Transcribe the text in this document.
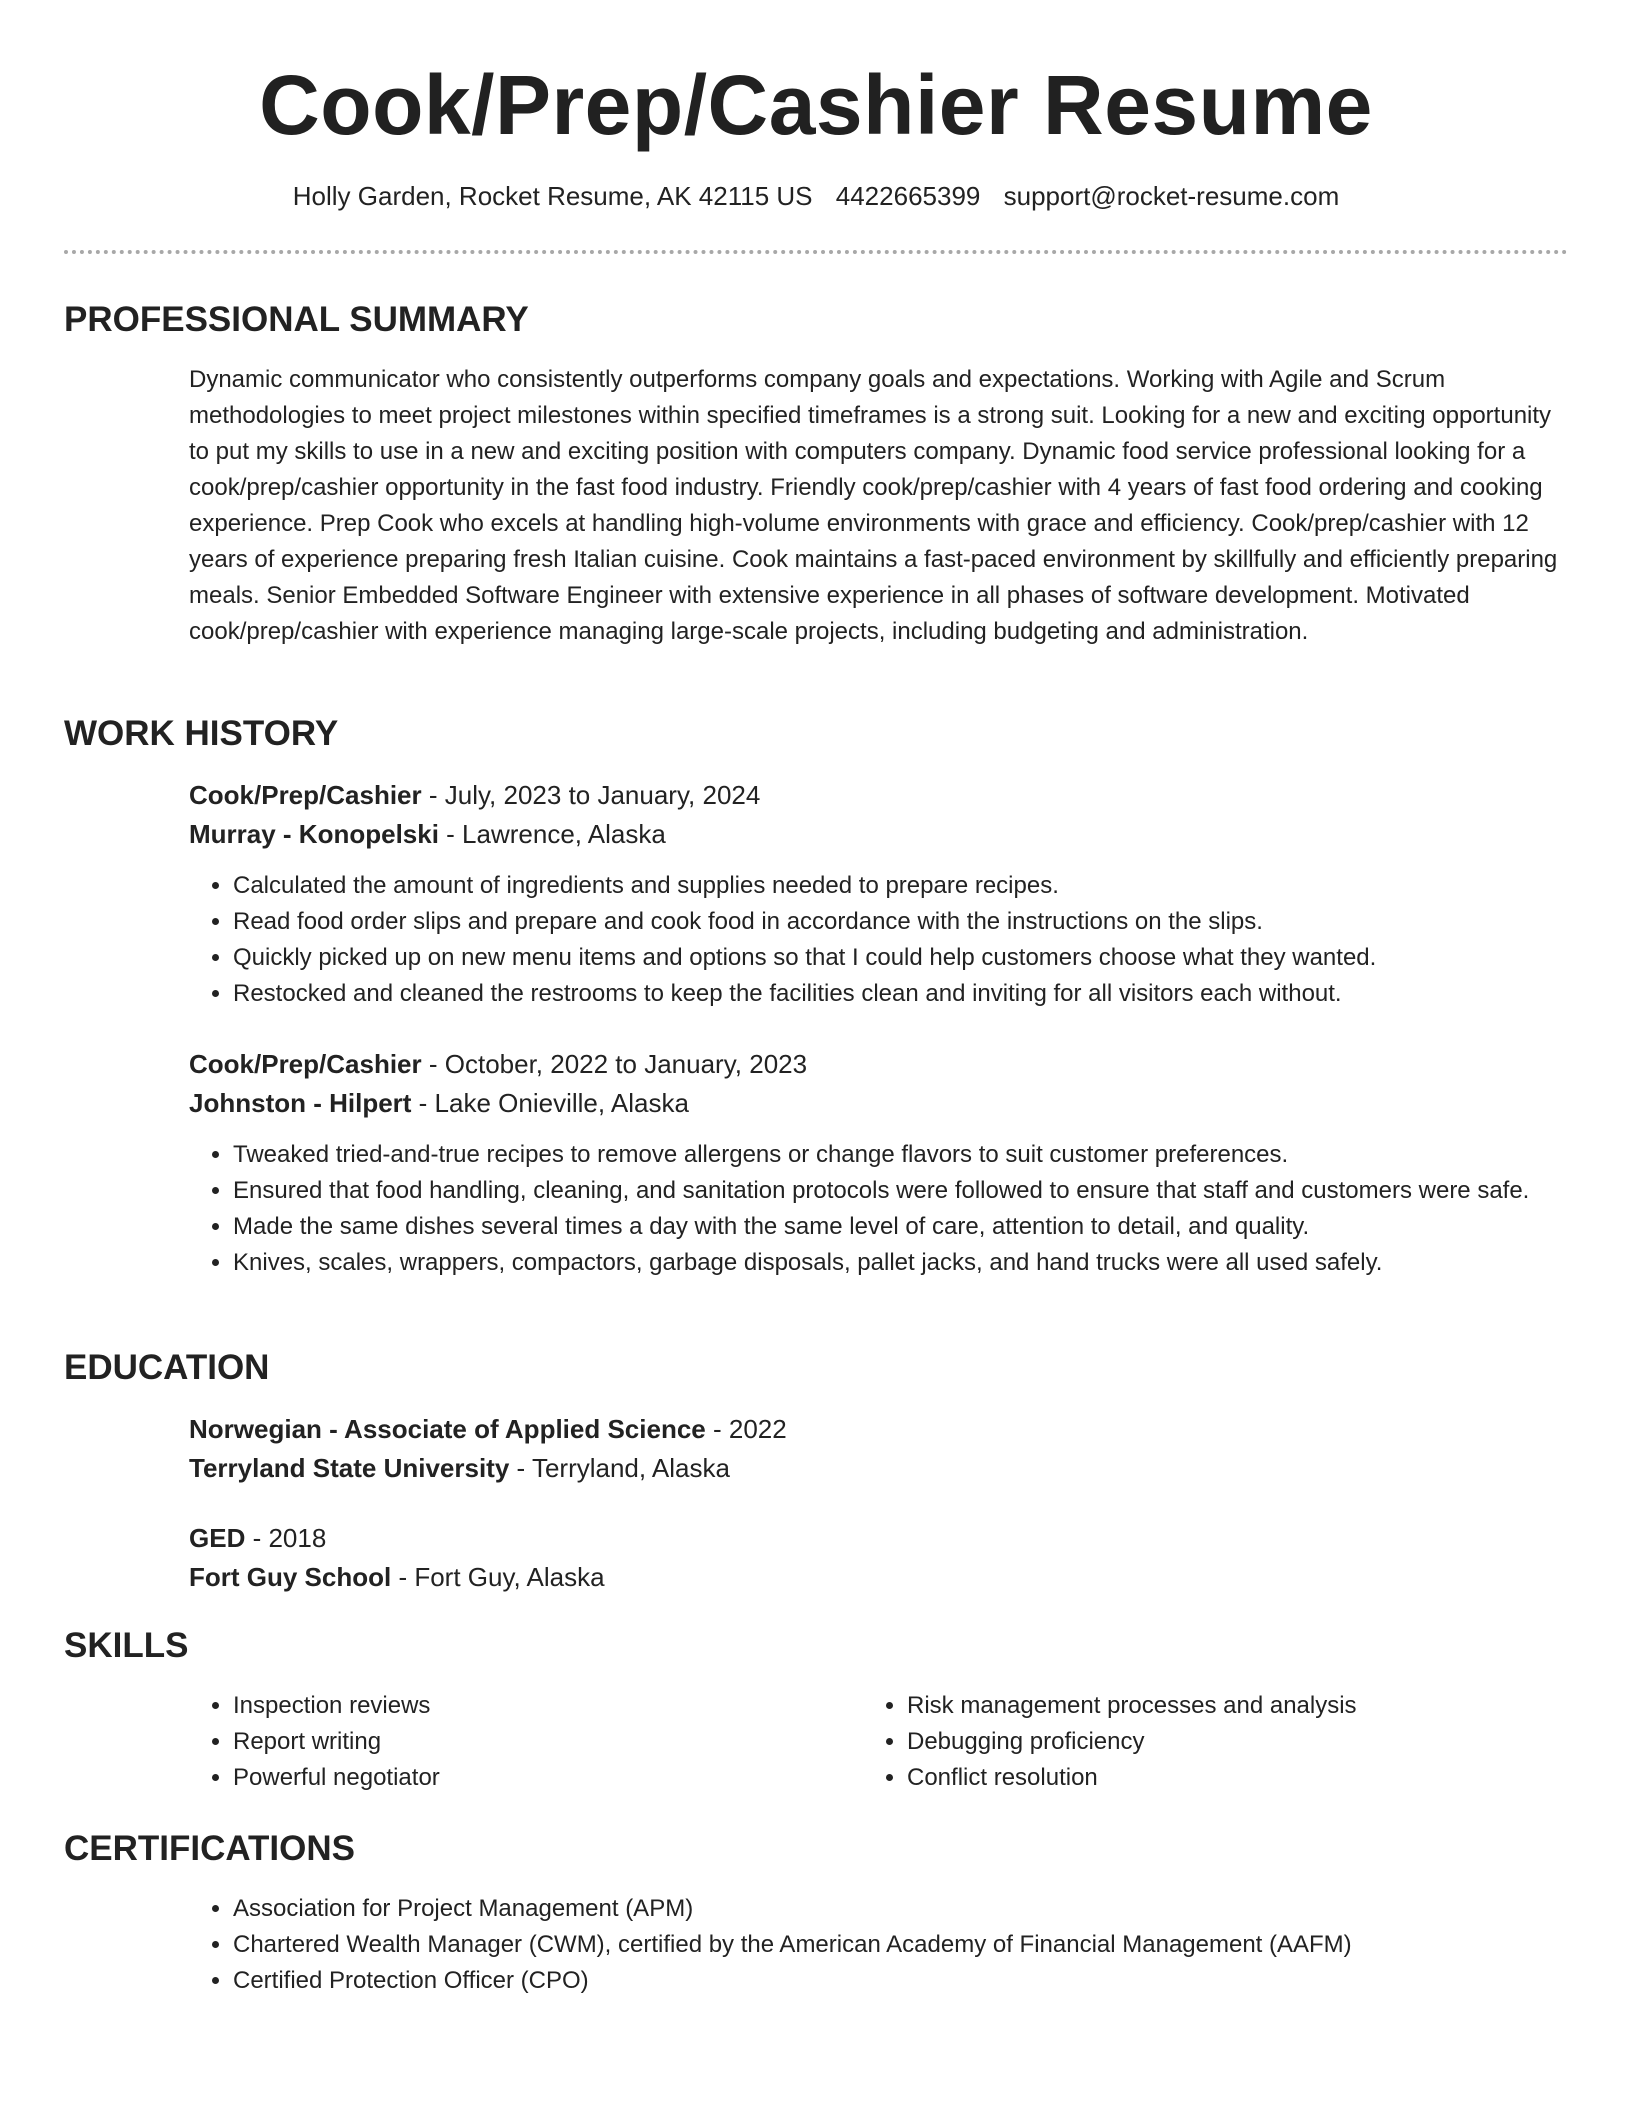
Cook/Prep/Cashier Resume
Holly Garden, Rocket Resume, AK 42115 US 4422665399 support@rocket-resume.com
PROFESSIONAL SUMMARY
Dynamic communicator who consistently outperforms company goals and expectations. Working with Agile and Scrum methodologies to meet project milestones within specified timeframes is a strong suit. Looking for a new and exciting opportunity to put my skills to use in a new and exciting position with computers company. Dynamic food service professional looking for a cook/prep/cashier opportunity in the fast food industry. Friendly cook/prep/cashier with 4 years of fast food ordering and cooking experience. Prep Cook who excels at handling high-volume environments with grace and efficiency. Cook/prep/cashier with 12 years of experience preparing fresh Italian cuisine. Cook maintains a fast-paced environment by skillfully and efficiently preparing meals. Senior Embedded Software Engineer with extensive experience in all phases of software development. Motivated cook/prep/cashier with experience managing large-scale projects, including budgeting and administration.
WORK HISTORY
Cook/Prep/Cashier - July, 2023 to January, 2024
Murray - Konopelski - Lawrence, Alaska
• Calculated the amount of ingredients and supplies needed to prepare recipes.
• Read food order slips and prepare and cook food in accordance with the instructions on the slips.
• Quickly picked up on new menu items and options so that I could help customers choose what they wanted.
• Restocked and cleaned the restrooms to keep the facilities clean and inviting for all visitors each without.
Cook/Prep/Cashier - October, 2022 to January, 2023
Johnston - Hilpert - Lake Onieville, Alaska
• Tweaked tried-and-true recipes to remove allergens or change flavors to suit customer preferences.
• Ensured that food handling, cleaning, and sanitation protocols were followed to ensure that staff and customers were safe.
• Made the same dishes several times a day with the same level of care, attention to detail, and quality.
• Knives, scales, wrappers, compactors, garbage disposals, pallet jacks, and hand trucks were all used safely.
EDUCATION
Norwegian - Associate of Applied Science - 2022
Terryland State University - Terryland, Alaska
GED - 2018
Fort Guy School - Fort Guy, Alaska
SKILLS
• Inspection reviews
• Report writing
• Powerful negotiator
• Risk management processes and analysis
• Debugging proficiency
• Conflict resolution
CERTIFICATIONS
• Association for Project Management (APM)
• Chartered Wealth Manager (CWM), certified by the American Academy of Financial Management (AAFM)
• Certified Protection Officer (CPO)
